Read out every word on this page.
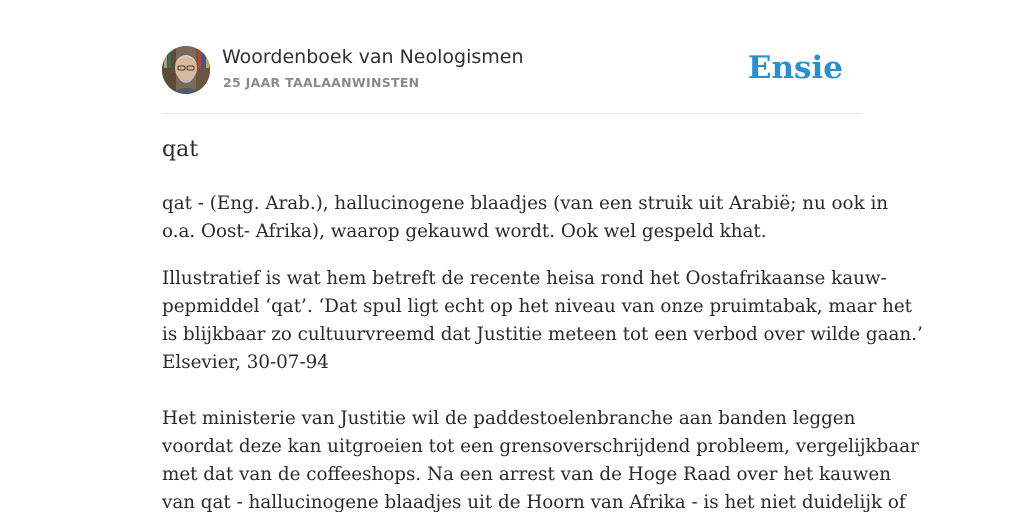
Woordenboek van Neologismen
25 JAAR TAALAANWINSTEN	Ensie
qat

qat - (Eng. Arab.), hallucinogene blaadjes (van een struik uit Arabië; nu ook in
o.a. Oost- Afrika), waarop gekauwd wordt. Ook wel gespeld khat.

Illustratief is wat hem betreft de recente heisa rond het Oostafrikaanse kauw-
pepmiddel ‘qat’. ‘Dat spul ligt echt op het niveau van onze pruimtabak, maar het
is blijkbaar zo cultuurvreemd dat Justitie meteen tot een verbod over wilde gaan.’
Elsevier, 30-07-94

Het ministerie van Justitie wil de paddestoelenbranche aan banden leggen
voordat deze kan uitgroeien tot een grensoverschrijdend probleem, vergelijkbaar
met dat van de coffeeshops. Na een arrest van de Hoge Raad over het kauwen
van qat - hallucinogene blaadjes uit de Hoorn van Afrika - is het niet duidelijk of
